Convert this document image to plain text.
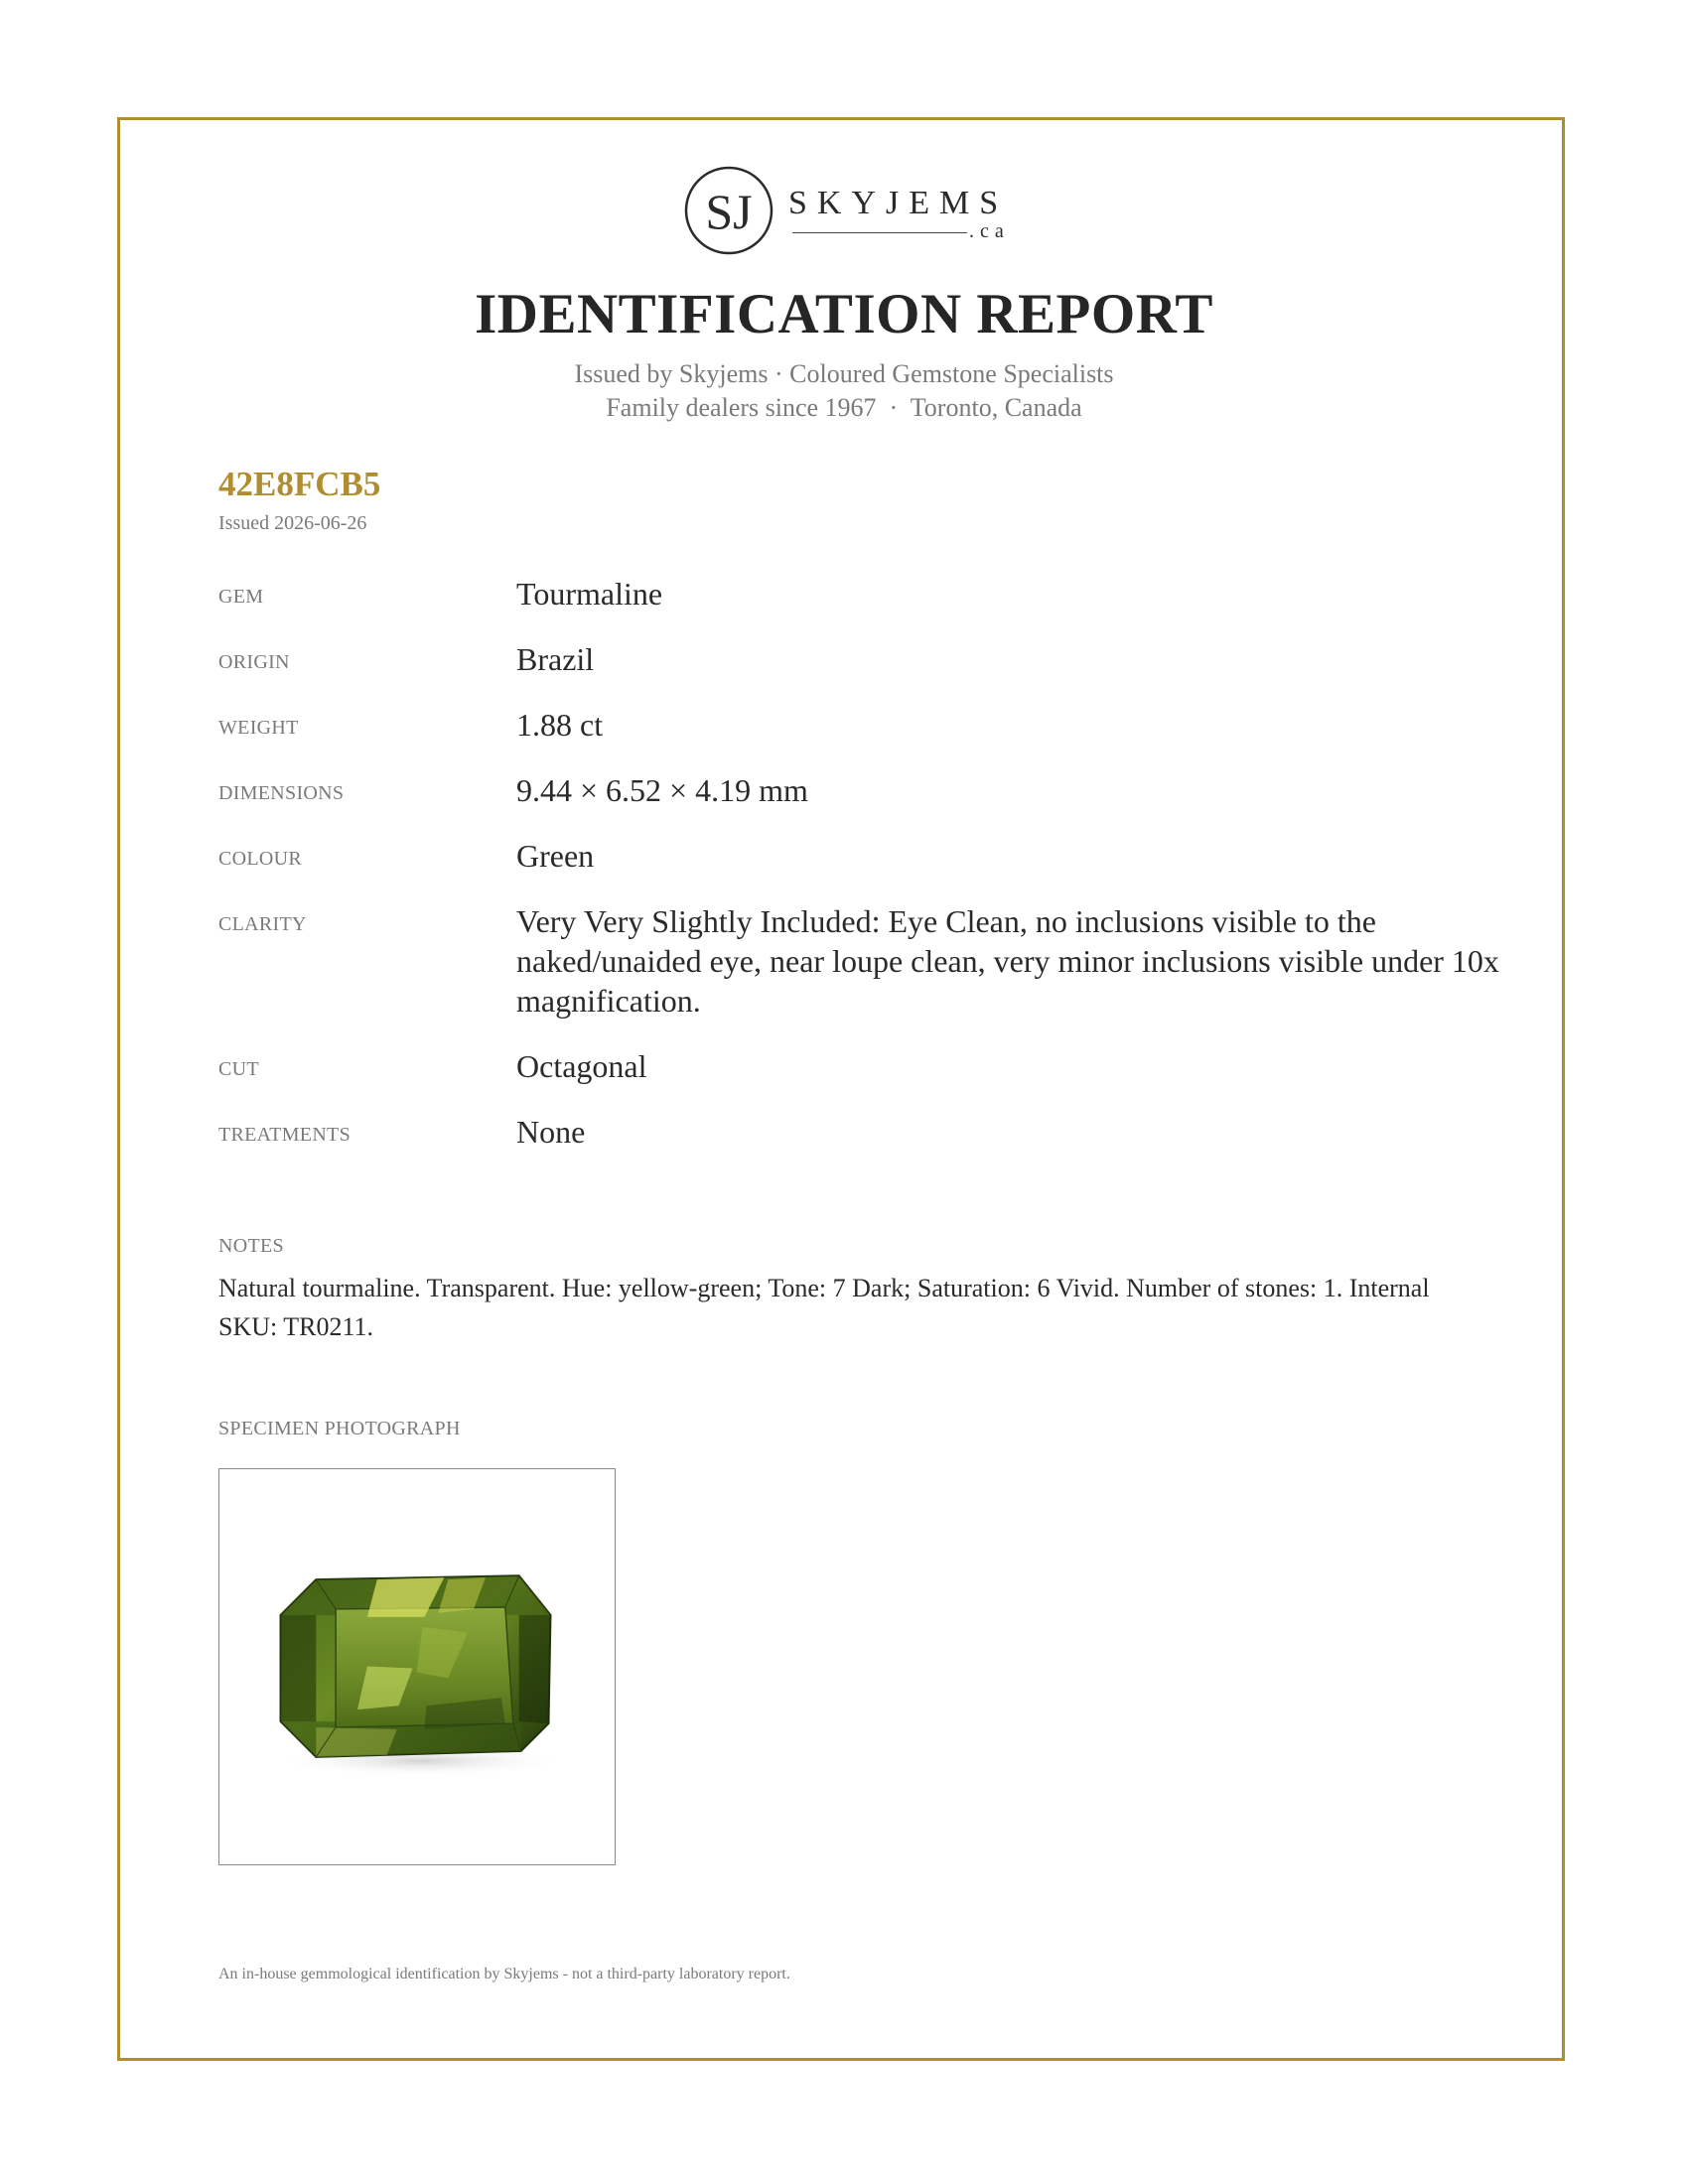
SJ SKYJEMS
.ca
IDENTIFICATION REPORT
Issued by Skyjems · Coloured Gemstone Specialists
Family dealers since 1967  ·  Toronto, Canada
42E8FCB5
Issued 2026-06-26
GEM	Tourmaline
ORIGIN	Brazil
WEIGHT	1.88 ct
DIMENSIONS	9.44 × 6.52 × 4.19 mm
COLOUR	Green
CLARITY	Very Very Slightly Included: Eye Clean, no inclusions visible to the naked/unaided eye, near loupe clean, very minor inclusions visible under 10x magnification.
CUT	Octagonal
TREATMENTS	None
NOTES
Natural tourmaline. Transparent. Hue: yellow-green; Tone: 7 Dark; Saturation: 6 Vivid. Number of stones: 1. Internal SKU: TR0211.
SPECIMEN PHOTOGRAPH
An in-house gemmological identification by Skyjems - not a third-party laboratory report.
